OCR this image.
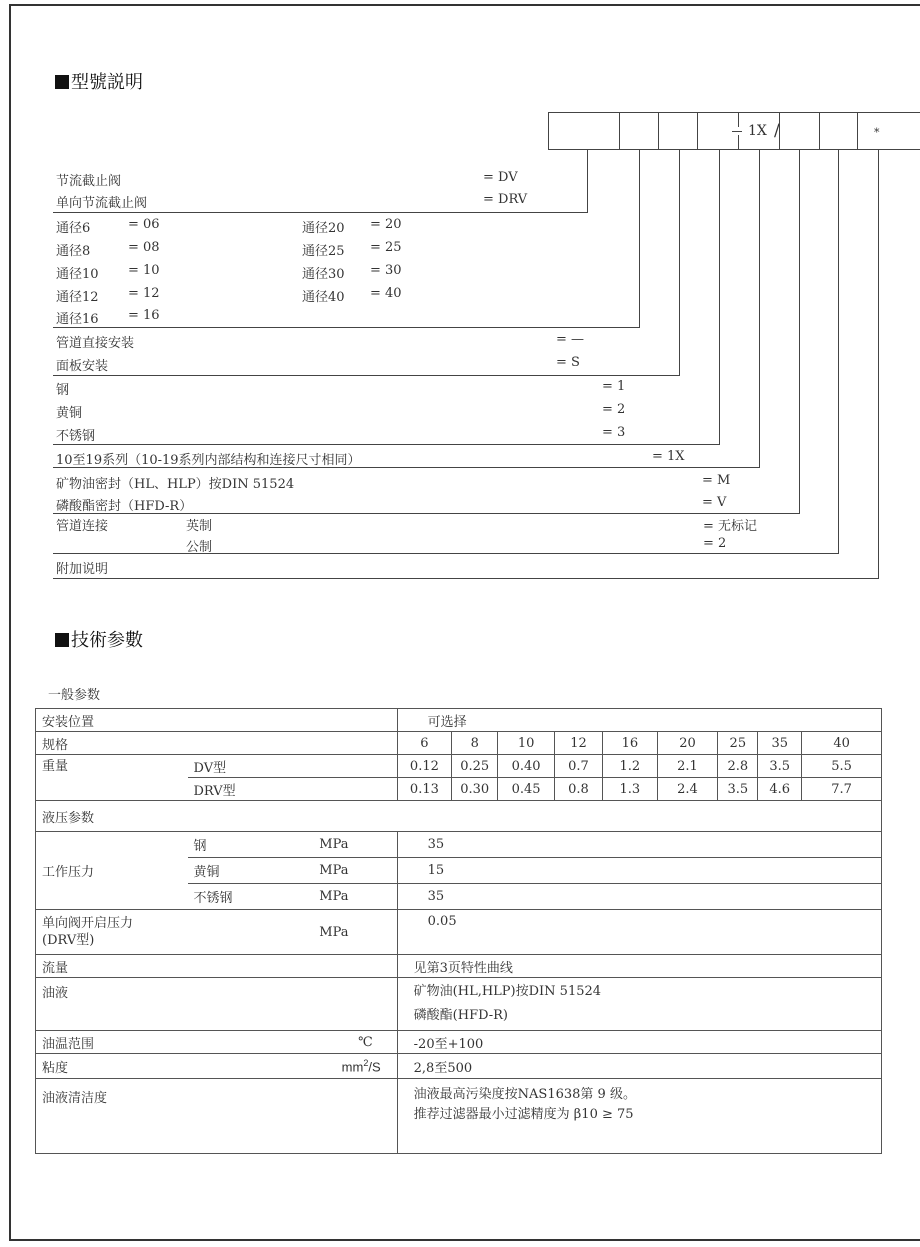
型號説明
1X /	*
节流截止阀	= DV
单向节流截止阀	= DRV
通径6	= 06
通径8	= 08
通径10 = 10
通径12 = 12
通径16 = 16
通径20 = 20
通径25 = 25
通径30 = 30
通径40 = 40
管道直接安装	= —
面板安装	= S
钢	= 1
黄铜	= 2
不锈钢	= 3
10至19系列（10-19系列内部结构和连接尺寸相同）	= 1X
矿物油密封（HL、HLP）按DIN 51524	= M
磷酸酯密封（HFD-R）	= V
管道连接	英制	= 无标记
公制	= 2
附加说明
技術参數
一般参数
安装位置			可选择								
规格			6	8	10	12	16	20	25	35	40
重量	DV型		0.12	0.25	0.40	0.7	1.2	2.1	2.8	3.5	5.5
	DRV型		0.13	0.30	0.45	0.8	1.3	2.4	3.5	4.6	7.7
液压参数											
工作压力	钢	MPa	35								
	黄铜	MPa	15								
	不锈钢	MPa	35								

单向阀开启压力
(DRV型)		MPa	0.05								
流量			见第3页特性曲线								
油液			矿物油(HL,HLP)按DIN 51524
磷酸酯(HFD-R)								

油温范围		℃	-20至+100								
粘度		$mm^2/S$	2,8至500								
油液清洁度			油液最高污染度按NAS1638第 9 级。
推荐过滤器最小过滤精度为 β10 ≥ 75								
